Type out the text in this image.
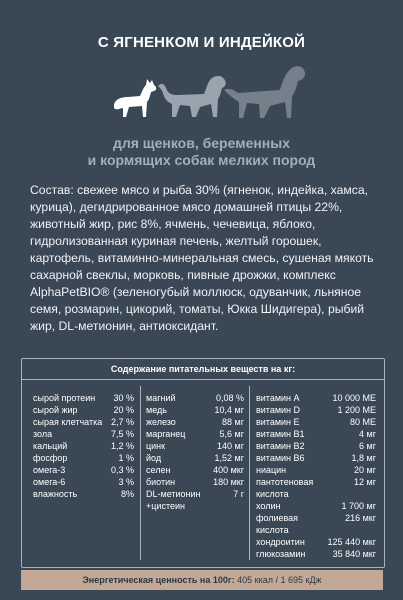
С ЯГНЕНКОМ И ИНДЕЙКОЙ
для щенков, беременных
и кормящих собак мелких пород
Состав: свежее мясо и рыба 30% (ягненок, индейка, хамса, курица), дегидрированное мясо домашней птицы 22%, животный жир, рис 8%, ячмень, чечевица, яблоко, гидролизованная куриная печень, желтый горошек, картофель, витаминно-минеральная смесь, сушеная мякоть сахарной свеклы, морковь, пивные дрожжи, комплекс AlphaPetBIO® (зеленогубый моллюск, одуванчик, льняное семя, розмарин, цикорий, томаты, Юкка Шидигера), рыбий жир, DL-метионин, антиоксидант.
Содержание питательных веществ на кг:
сырой протеин 30 %
сырой жир	20 %
сырая клетчатка 2,7 %
зола	7,5 %
кальций	1,2 %
фосфор	1 %
омега-3	0,3 %
омега-6	3 %
влажность	8%
магний	0,08 %
медь	10,4 мг
железо	88 мг
марганец	5,6 мг
цинк	140 мг
йод	1,52 мг
селен	400 мкг
биотин	180 мкг
DL-метионин	7 г
+цистеин
витамин A	10 000 МЕ
витамин D	1 200 МЕ
витамин E	80 МЕ
витамин B1	4 мг
витамин B2	6 мг
витамин B6	1,8 мг
ниацин	20 мг
пантотеновая	12 мг
кислота
холин	1 700 мг
фолиевая	216 мкг
кислота
хондроитин	125 440 мкг
глюкозамин	35 840 мкг
Энергетическая ценность на 100г: 405 ккал / 1 695 кДж
